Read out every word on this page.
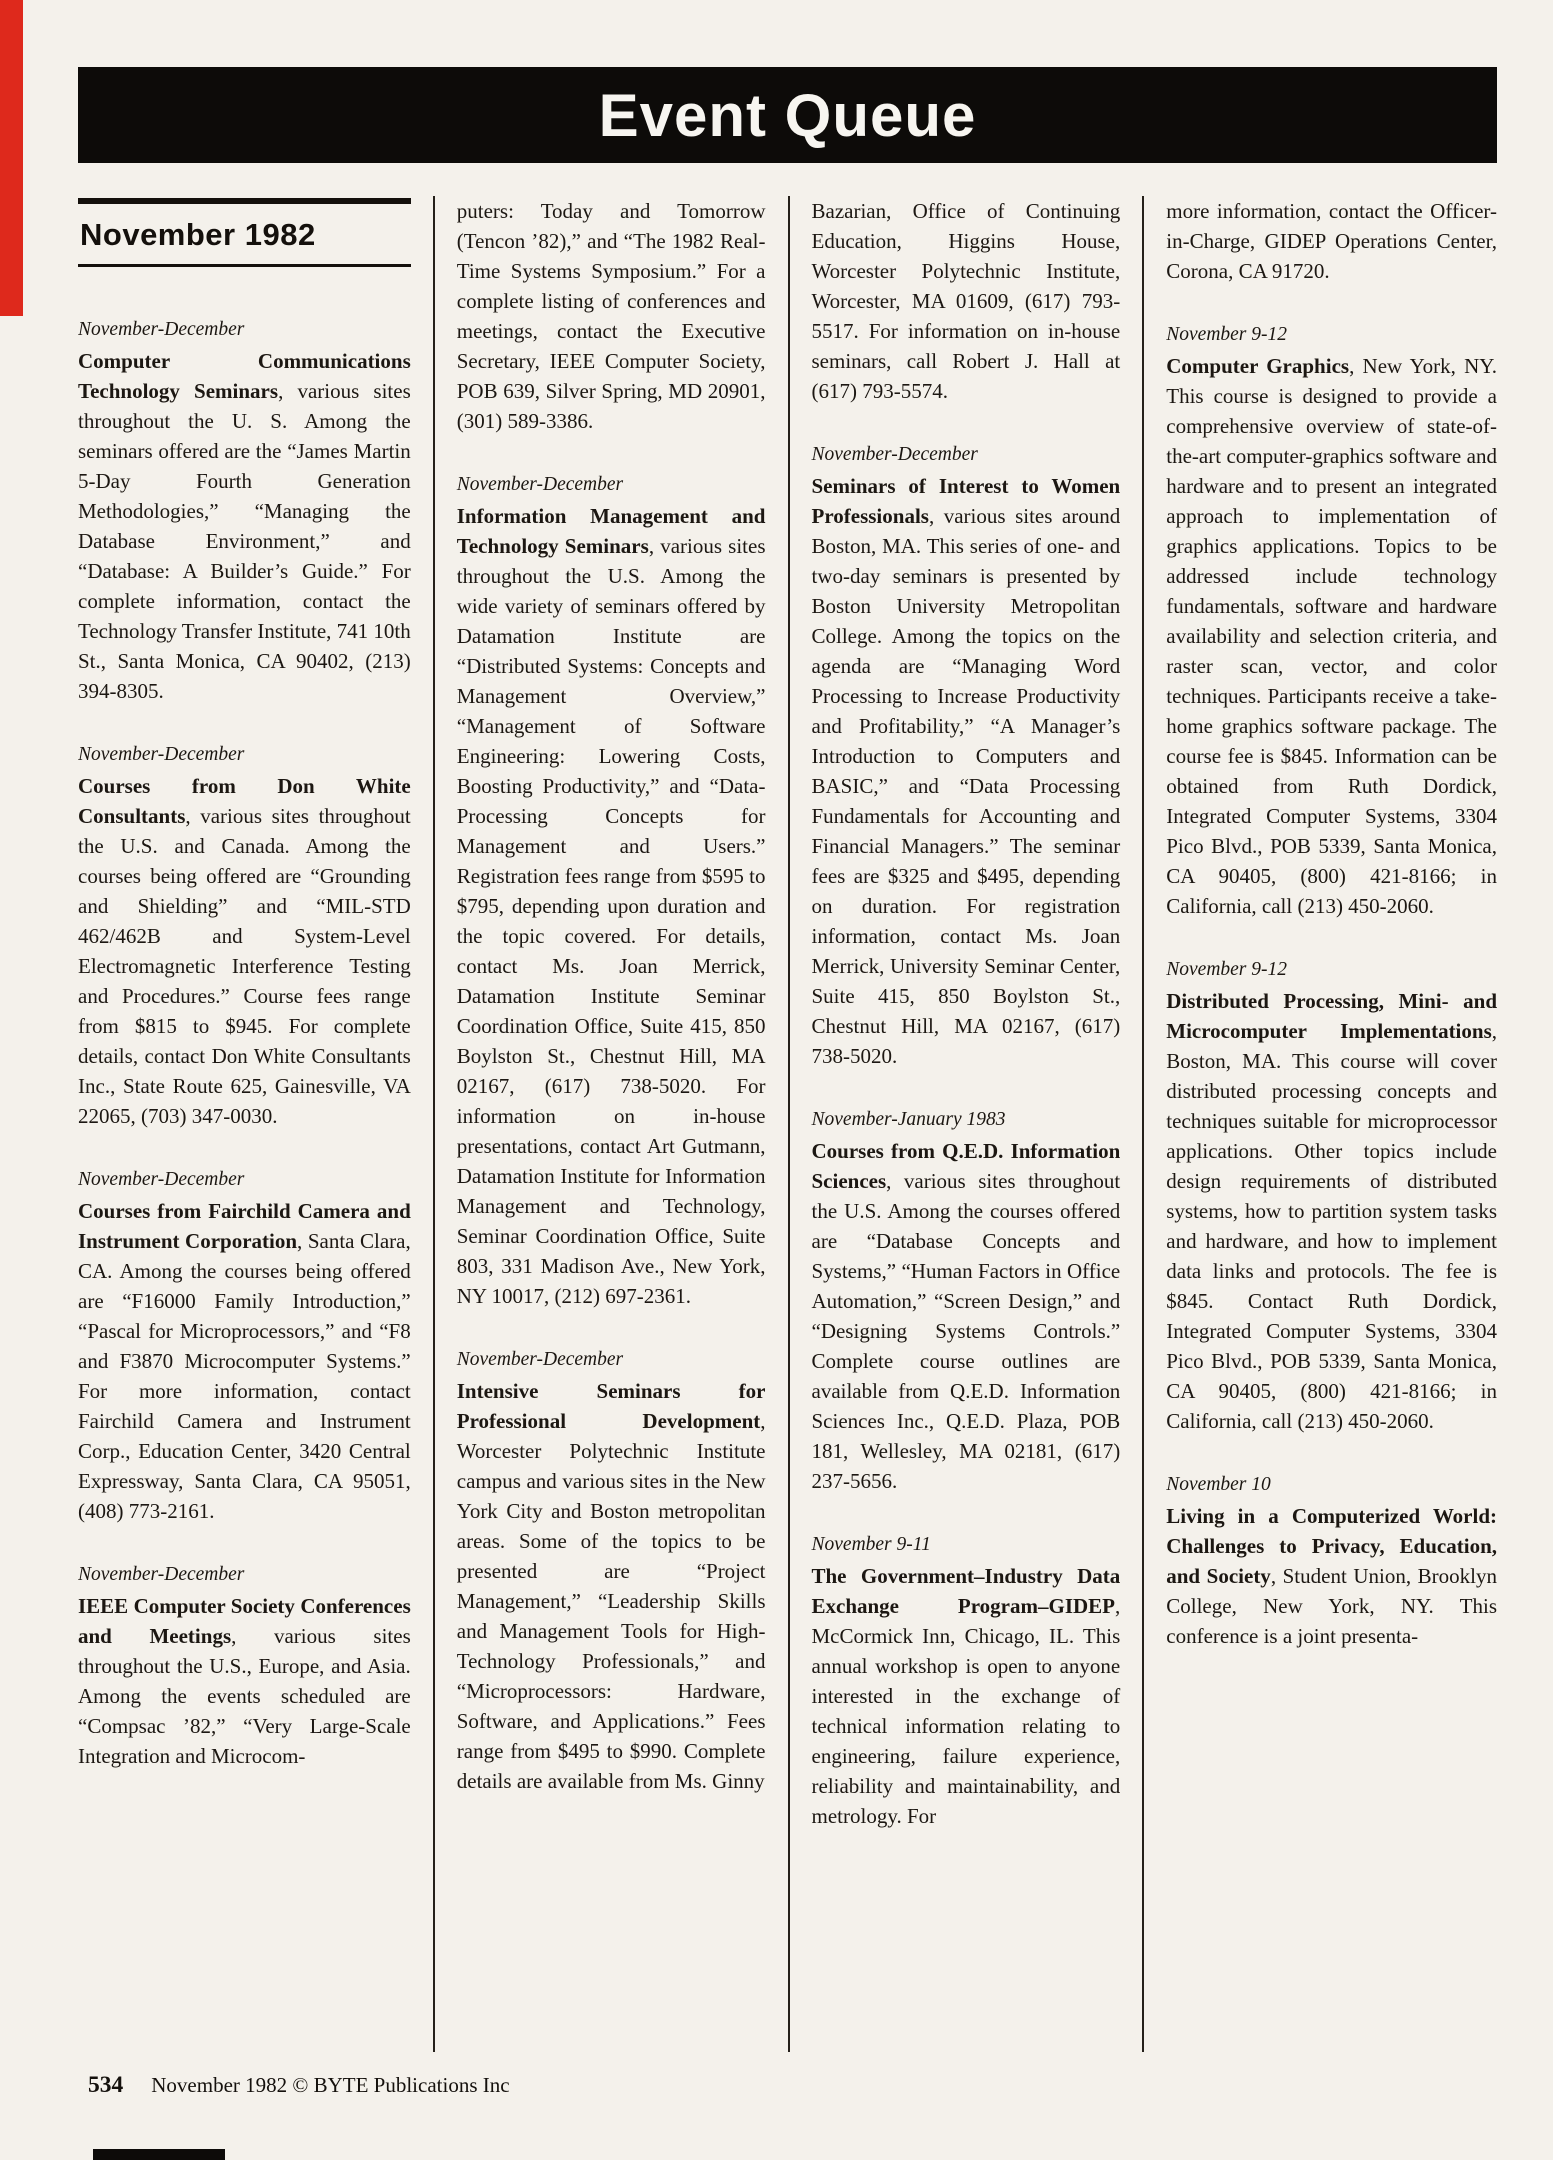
Event Queue
November 1982
November-December

Computer Communications Technology Seminars, various sites throughout the U. S. Among the seminars offered are the “James Martin 5-Day Fourth Generation Methodologies,” “Managing the Database Environment,” and “Database: A Builder’s Guide.” For complete information, contact the Technology Transfer Institute, 741 10th St., Santa Monica, CA 90402, (213) 394-8305.

November-December

Courses from Don White Consultants, various sites throughout the U.S. and Canada. Among the courses being offered are “Grounding and Shielding” and “MIL-STD 462/462B and System-Level Electromagnetic Interference Testing and Procedures.” Course fees range from $815 to $945. For complete details, contact Don White Consultants Inc., State Route 625, Gainesville, VA 22065, (703) 347-0030.

November-December

Courses from Fairchild Camera and Instrument Corporation, Santa Clara, CA. Among the courses being offered are “F16000 Family Introduction,” “Pascal for Microprocessors,” and “F8 and F3870 Microcomputer Systems.” For more information, contact Fairchild Camera and Instrument Corp., Education Center, 3420 Central Expressway, Santa Clara, CA 95051, (408) 773-2161.

November-December

IEEE Computer Society Conferences and Meetings, various sites throughout the U.S., Europe, and Asia. Among the events scheduled are “Compsac ’82,” “Very Large-Scale Integration and Microcom-

puters: Today and Tomorrow (Tencon ’82),” and “The 1982 Real-Time Systems Symposium.” For a complete listing of conferences and meetings, contact the Executive Secretary, IEEE Computer Society, POB 639, Silver Spring, MD 20901, (301) 589-3386.

November-December

Information Management and Technology Seminars, various sites throughout the U.S. Among the wide variety of seminars offered by Datamation Institute are “Distributed Systems: Concepts and Management Overview,” “Management of Software Engineering: Lowering Costs, Boosting Productivity,” and “Data-Processing Concepts for Management and Users.” Registration fees range from $595 to $795, depending upon duration and the topic covered. For details, contact Ms. Joan Merrick, Datamation Institute Seminar Coordination Office, Suite 415, 850 Boylston St., Chestnut Hill, MA 02167, (617) 738-5020. For information on in-house presentations, contact Art Gutmann, Datamation Institute for Information Management and Technology, Seminar Coordination Office, Suite 803, 331 Madison Ave., New York, NY 10017, (212) 697-2361.

November-December

Intensive Seminars for Professional Development, Worcester Polytechnic Institute campus and various sites in the New York City and Boston metropolitan areas. Some of the topics to be presented are “Project Management,” “Leadership Skills and Management Tools for High-Technology Professionals,” and “Microprocessors: Hardware, Software, and Applications.” Fees range from $495 to $990. Complete details are available from Ms. Ginny

Bazarian, Office of Continuing Education, Higgins House, Worcester Polytechnic Institute, Worcester, MA 01609, (617) 793-5517. For information on in-house seminars, call Robert J. Hall at (617) 793-5574.

November-December

Seminars of Interest to Women Professionals, various sites around Boston, MA. This series of one- and two-day seminars is presented by Boston University Metropolitan College. Among the topics on the agenda are “Managing Word Processing to Increase Productivity and Profitability,” “A Manager’s Introduction to Computers and BASIC,” and “Data Processing Fundamentals for Accounting and Financial Managers.” The seminar fees are $325 and $495, depending on duration. For registration information, contact Ms. Joan Merrick, University Seminar Center, Suite 415, 850 Boylston St., Chestnut Hill, MA 02167, (617) 738-5020.

November-January 1983

Courses from Q.E.D. Information Sciences, various sites throughout the U.S. Among the courses offered are “Database Concepts and Systems,” “Human Factors in Office Automation,” “Screen Design,” and “Designing Systems Controls.” Complete course outlines are available from Q.E.D. Information Sciences Inc., Q.E.D. Plaza, POB 181, Wellesley, MA 02181, (617) 237-5656.

November 9-11

The Government–Industry Data Exchange Program–GIDEP, McCormick Inn, Chicago, IL. This annual workshop is open to anyone interested in the exchange of technical information relating to engineering, failure experience, reliability and maintainability, and metrology. For

more information, contact the Officer-in-Charge, GIDEP Operations Center, Corona, CA 91720.

November 9-12

Computer Graphics, New York, NY. This course is designed to provide a comprehensive overview of state-of-the-art computer-graphics software and hardware and to present an integrated approach to implementation of graphics applications. Topics to be addressed include technology fundamentals, software and hardware availability and selection criteria, and raster scan, vector, and color techniques. Participants receive a take-home graphics software package. The course fee is $845. Information can be obtained from Ruth Dordick, Integrated Computer Systems, 3304 Pico Blvd., POB 5339, Santa Monica, CA 90405, (800) 421-8166; in California, call (213) 450-2060.

November 9-12

Distributed Processing, Mini- and Microcomputer Implementations, Boston, MA. This course will cover distributed processing concepts and techniques suitable for microprocessor applications. Other topics include design requirements of distributed systems, how to partition system tasks and hardware, and how to implement data links and protocols. The fee is $845. Contact Ruth Dordick, Integrated Computer Systems, 3304 Pico Blvd., POB 5339, Santa Monica, CA 90405, (800) 421-8166; in California, call (213) 450-2060.

November 10

Living in a Computerized World: Challenges to Privacy, Education, and Society, Student Union, Brooklyn College, New York, NY. This conference is a joint presenta-

534 November 1982 © BYTE Publications Inc
